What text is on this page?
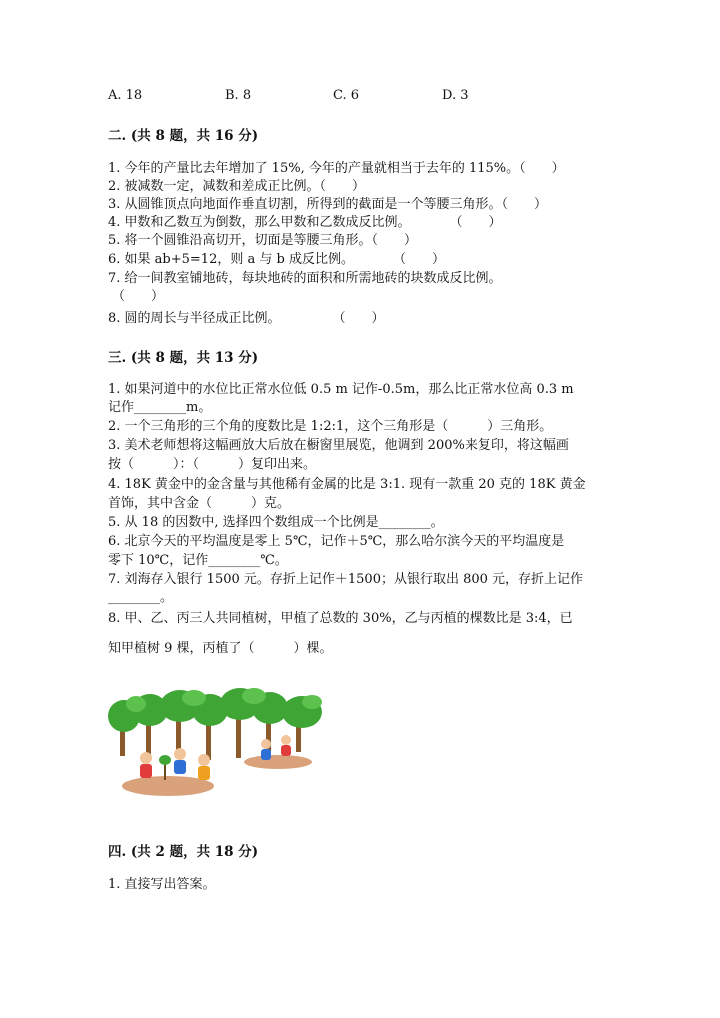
A. 18	B. 8	C. 6	D. 3
二. (共 8 题，共 16 分)
1. 今年的产量比去年增加了 15%, 今年的产量就相当于去年的 115%。（　　）
2. 被减数一定，减数和差成正比例。（　　）
3. 从圆锥顶点向地面作垂直切割，所得到的截面是一个等腰三角形。（　　）
4. 甲数和乙数互为倒数，那么甲数和乙数成反比例。　　　　（　　）
5. 将一个圆锥沿高切开，切面是等腰三角形。（　　）
6. 如果 ab+5=12，则 a 与 b 成反比例。　　　　（　　）
7. 给一间教室铺地砖，每块地砖的面积和所需地砖的块数成反比例。
（　　）
8. 圆的周长与半径成正比例。　　　　　（　　）
三. (共 8 题，共 13 分)
1. 如果河道中的水位比正常水位低 0.5 m 记作-0.5m，那么比正常水位高 0.3 m
记作________m。
2. 一个三角形的三个角的度数比是 1:2:1，这个三角形是（　　　）三角形。
3. 美术老师想将这幅画放大后放在橱窗里展览，他调到 200%来复印，将这幅画
按（　　　）：（　　　）复印出来。
4. 18K 黄金中的金含量与其他稀有金属的比是 3:1. 现有一款重 20 克的 18K 黄金
首饰，其中含金（　　　）克。
5. 从 18 的因数中, 选择四个数组成一个比例是________。
6. 北京今天的平均温度是零上 5℃，记作＋5℃，那么哈尔滨今天的平均温度是
零下 10℃，记作________℃。
7. 刘海存入银行 1500 元。存折上记作＋1500；从银行取出 800 元，存折上记作
________。
8. 甲、乙、丙三人共同植树，甲植了总数的 30%，乙与丙植的棵数比是 3:4，已
知甲植树 9 棵，丙植了（　　　）棵。
四. (共 2 题，共 18 分)
1. 直接写出答案。
